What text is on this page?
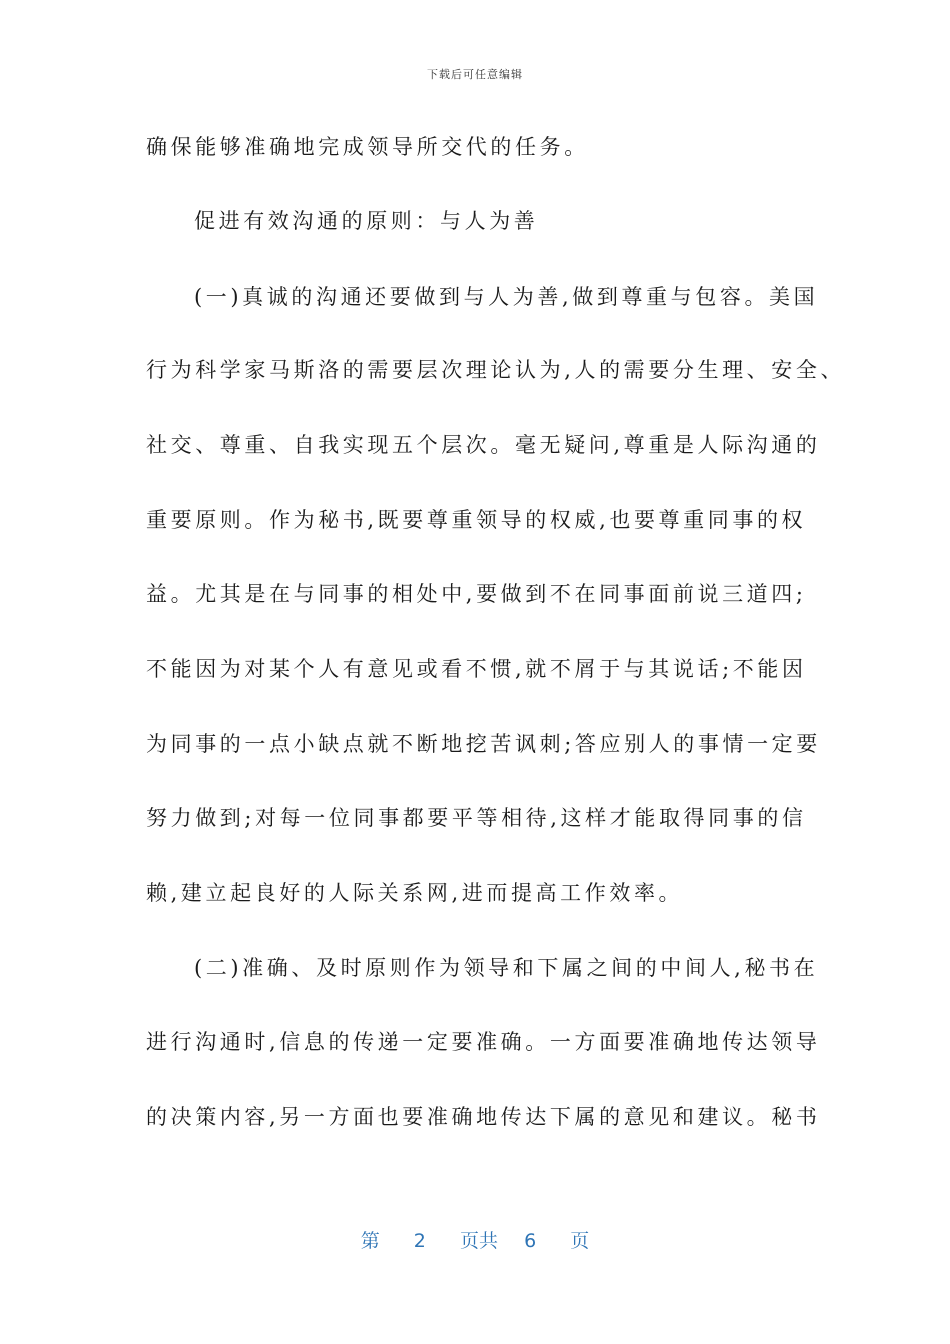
下载后可任意编辑
确保能够准确地完成领导所交代的任务。
促进有效沟通的原则：与人为善
(一)真诚的沟通还要做到与人为善,做到尊重与包容。美国
行为科学家马斯洛的需要层次理论认为,人的需要分生理、安全、
社交、尊重、自我实现五个层次。毫无疑问,尊重是人际沟通的
重要原则。作为秘书,既要尊重领导的权威,也要尊重同事的权
益。尤其是在与同事的相处中,要做到不在同事面前说三道四;
不能因为对某个人有意见或看不惯,就不屑于与其说话;不能因
为同事的一点小缺点就不断地挖苦讽刺;答应别人的事情一定要
努力做到;对每一位同事都要平等相待,这样才能取得同事的信
赖,建立起良好的人际关系网,进而提高工作效率。
(二)准确、及时原则作为领导和下属之间的中间人,秘书在
进行沟通时,信息的传递一定要准确。一方面要准确地传达领导
的决策内容,另一方面也要准确地传达下属的意见和建议。秘书
第 2 页共 6 页
